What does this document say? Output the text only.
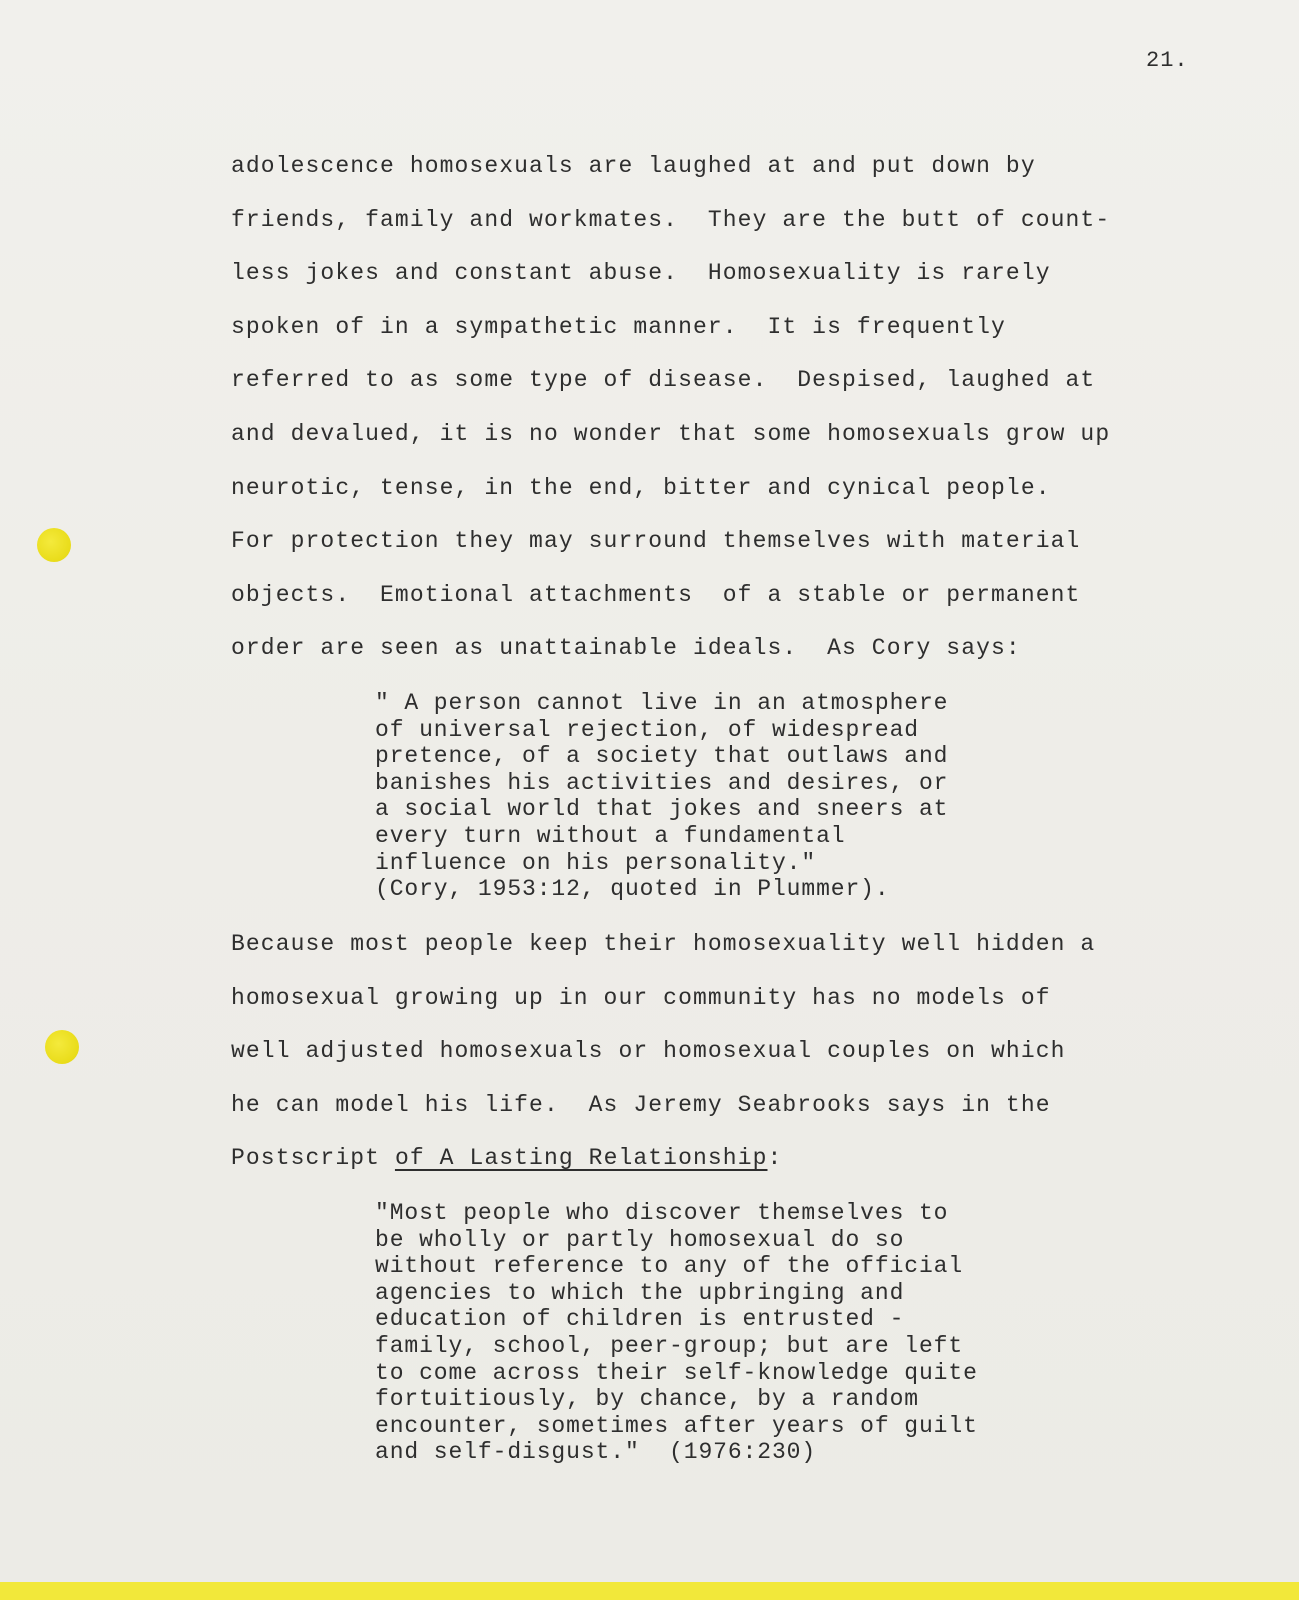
21.
adolescence homosexuals are laughed at and put down by
friends, family and workmates.  They are the butt of count-
less jokes and constant abuse.  Homosexuality is rarely
spoken of in a sympathetic manner.  It is frequently
referred to as some type of disease.  Despised, laughed at
and devalued, it is no wonder that some homosexuals grow up
neurotic, tense, in the end, bitter and cynical people.
For protection they may surround themselves with material
objects.  Emotional attachments  of a stable or permanent
order are seen as unattainable ideals.  As Cory says:
" A person cannot live in an atmosphere
of universal rejection, of widespread
pretence, of a society that outlaws and
banishes his activities and desires, or
a social world that jokes and sneers at
every turn without a fundamental
influence on his personality."
(Cory, 1953:12, quoted in Plummer).
Because most people keep their homosexuality well hidden a
homosexual growing up in our community has no models of
well adjusted homosexuals or homosexual couples on which
he can model his life.  As Jeremy Seabrooks says in the
Postscript of A Lasting Relationship:
"Most people who discover themselves to
be wholly or partly homosexual do so
without reference to any of the official
agencies to which the upbringing and
education of children is entrusted -
family, school, peer-group; but are left
to come across their self-knowledge quite
fortuitiously, by chance, by a random
encounter, sometimes after years of guilt
and self-disgust."  (1976:230)
